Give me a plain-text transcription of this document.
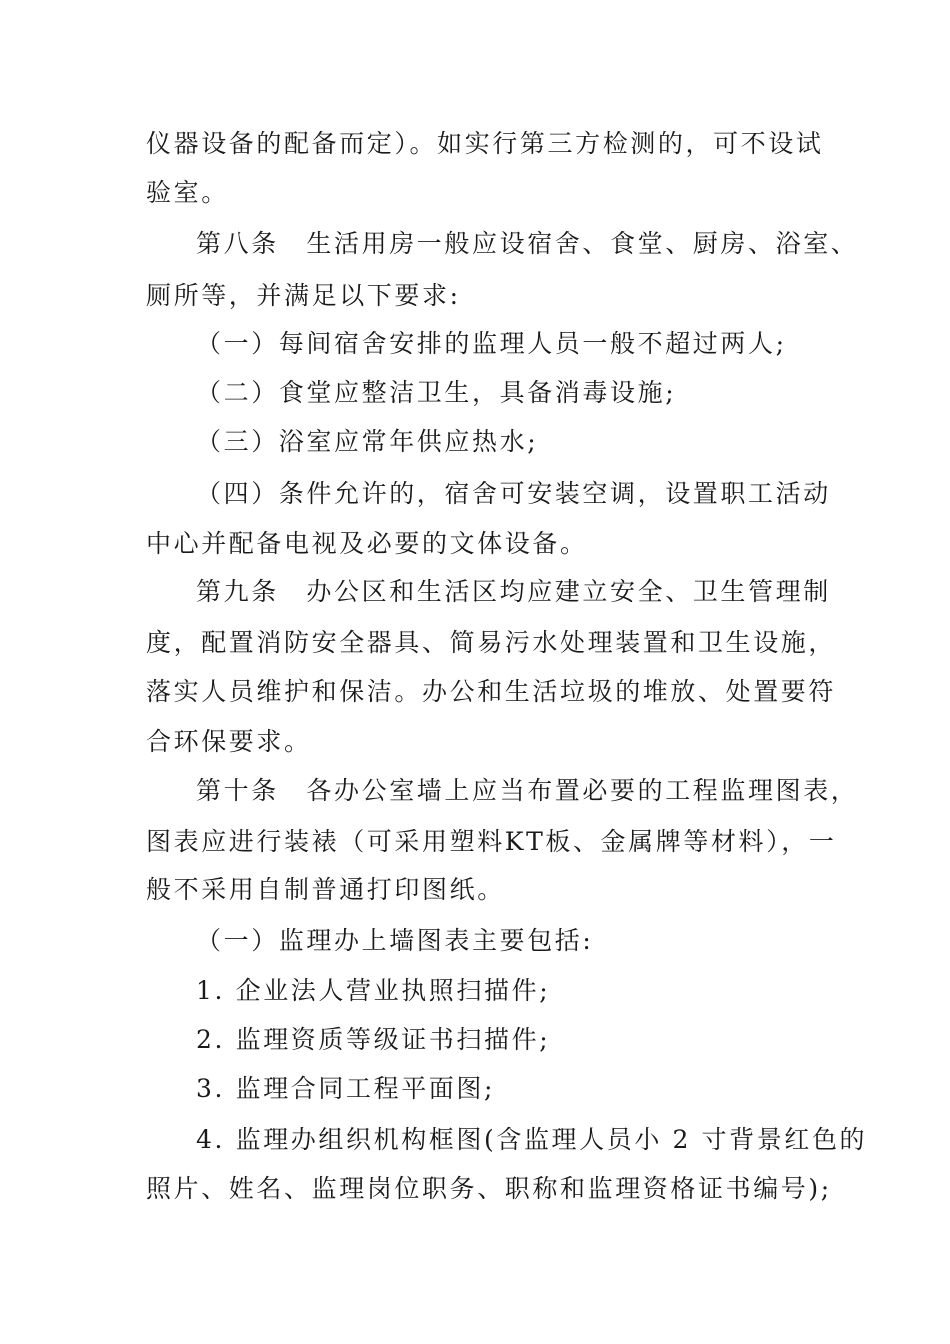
仪器设备的配备而定）。如实行第三方检测的，可不设试
验室。
第八条　生活用房一般应设宿舍、食堂、厨房、浴室、
厕所等，并满足以下要求:
（一）每间宿舍安排的监理人员一般不超过两人;
（二）食堂应整洁卫生，具备消毒设施;
（三）浴室应常年供应热水;
（四）条件允许的，宿舍可安装空调，设置职工活动
中心并配备电视及必要的文体设备。
第九条　办公区和生活区均应建立安全、卫生管理制
度，配置消防安全器具、简易污水处理装置和卫生设施，
落实人员维护和保洁。办公和生活垃圾的堆放、处置要符
合环保要求。
第十条　各办公室墙上应当布置必要的工程监理图表，
图表应进行装裱（可采用塑料KT板、金属牌等材料），一
般不采用自制普通打印图纸。
（一）监理办上墙图表主要包括:
1. 企业法人营业执照扫描件;
2. 监理资质等级证书扫描件;
3. 监理合同工程平面图;
4. 监理办组织机构框图(含监理人员小 2 寸背景红色的
照片、姓名、监理岗位职务、职称和监理资格证书编号);
